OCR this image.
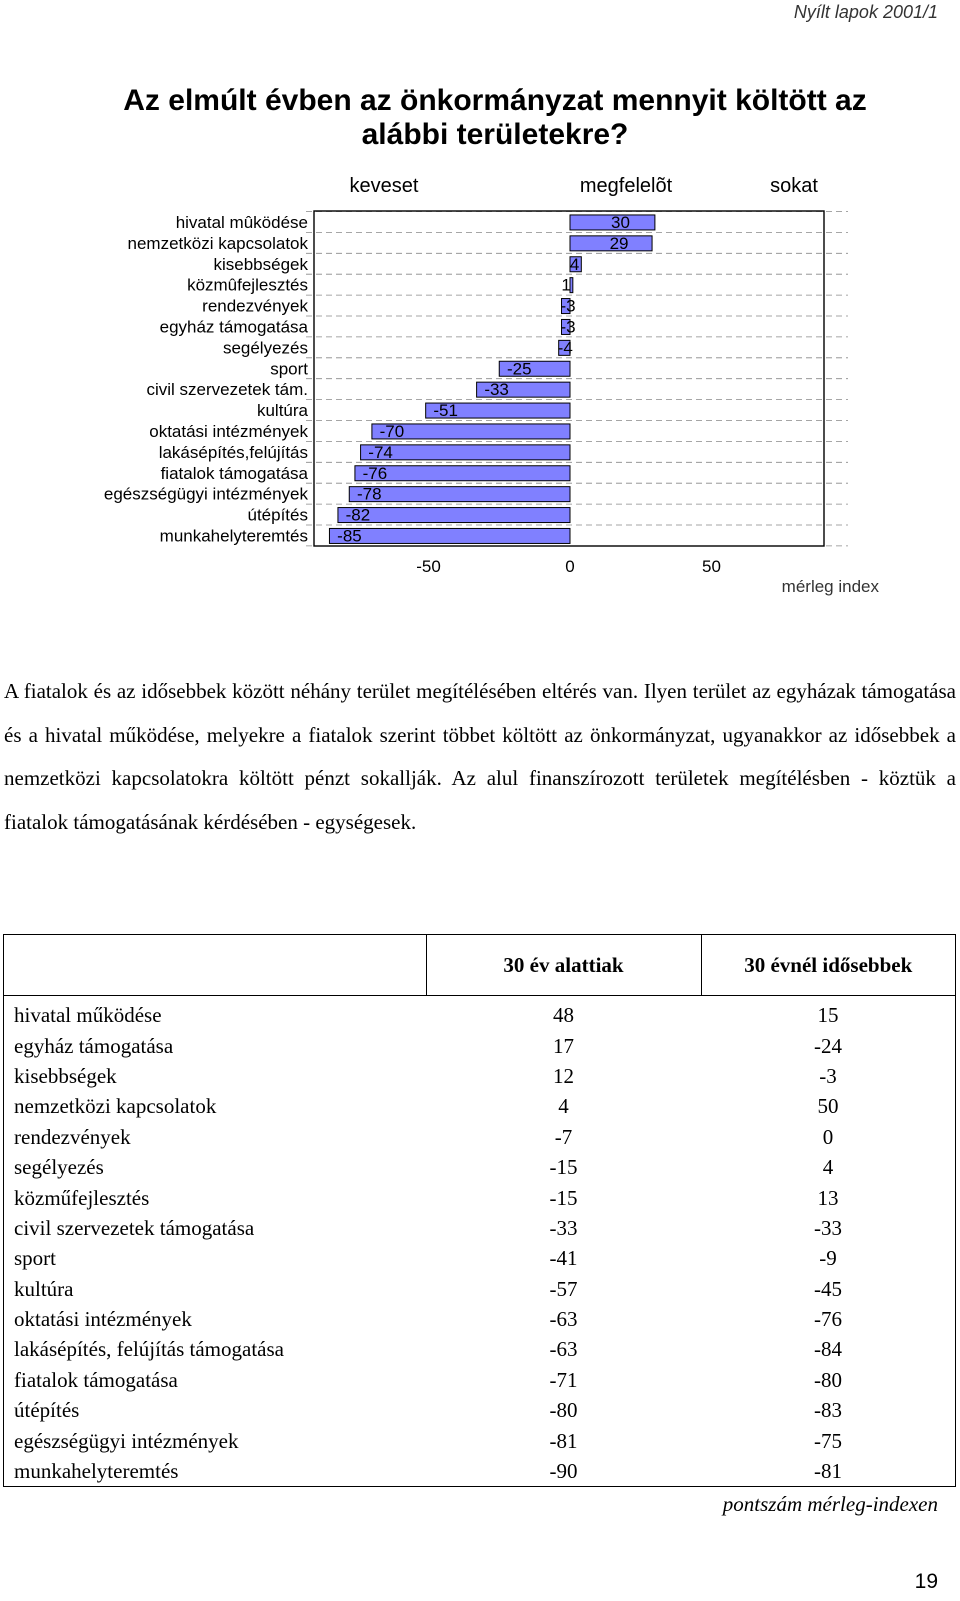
Nyílt lapok 2001/1
Az elmúlt évben az önkormányzat mennyit költött az alábbi területekre?
keveset	megfelelõt	sokat
hivatal mûködése
nemzetközi kapcsolatok
kisebbségek
közmûfejlesztés
rendezvények
egyház támogatása
segélyezés
sport
civil szervezetek tám.
kultúra
oktatási intézmények
lakásépítés,felújítás
fiatalok támogatása
egészségügyi intézmények
útépítés
munkahelyteremtés
30
29
4
1
-3
-3
-4
-25
-33
-51
-70
-74
-76
-78
-82
-85
-50	0	50
mérleg index

A fiatalok és az idősebbek között néhány terület megítélésében eltérés van. Ilyen terület az egyházak támogatása és a hivatal működése, melyekre a fiatalok szerint többet költött az önkormányzat, ugyanakkor az idősebbek a nemzetközi kapcsolatokra költött pénzt sokallják. Az alul finanszírozott területek megítélésben - köztük a fiatalok támogatásának kérdésében - egységesek.

	30 év alattiak	30 évnél idősebbek
hivatal működése	48	15
egyház támogatása	17	-24
kisebbségek	12	-3
nemzetközi kapcsolatok	4	50
rendezvények	-7	0
segélyezés	-15	4
közműfejlesztés	-15	13
civil szervezetek támogatása	-33	-33
sport	-41	-9
kultúra	-57	-45
oktatási intézmények	-63	-76
lakásépítés, felújítás támogatása	-63	-84
fiatalok támogatása	-71	-80
útépítés	-80	-83
egészségügyi intézmények	-81	-75
munkahelyteremtés	-90	-81

pontszám mérleg-indexen

19
